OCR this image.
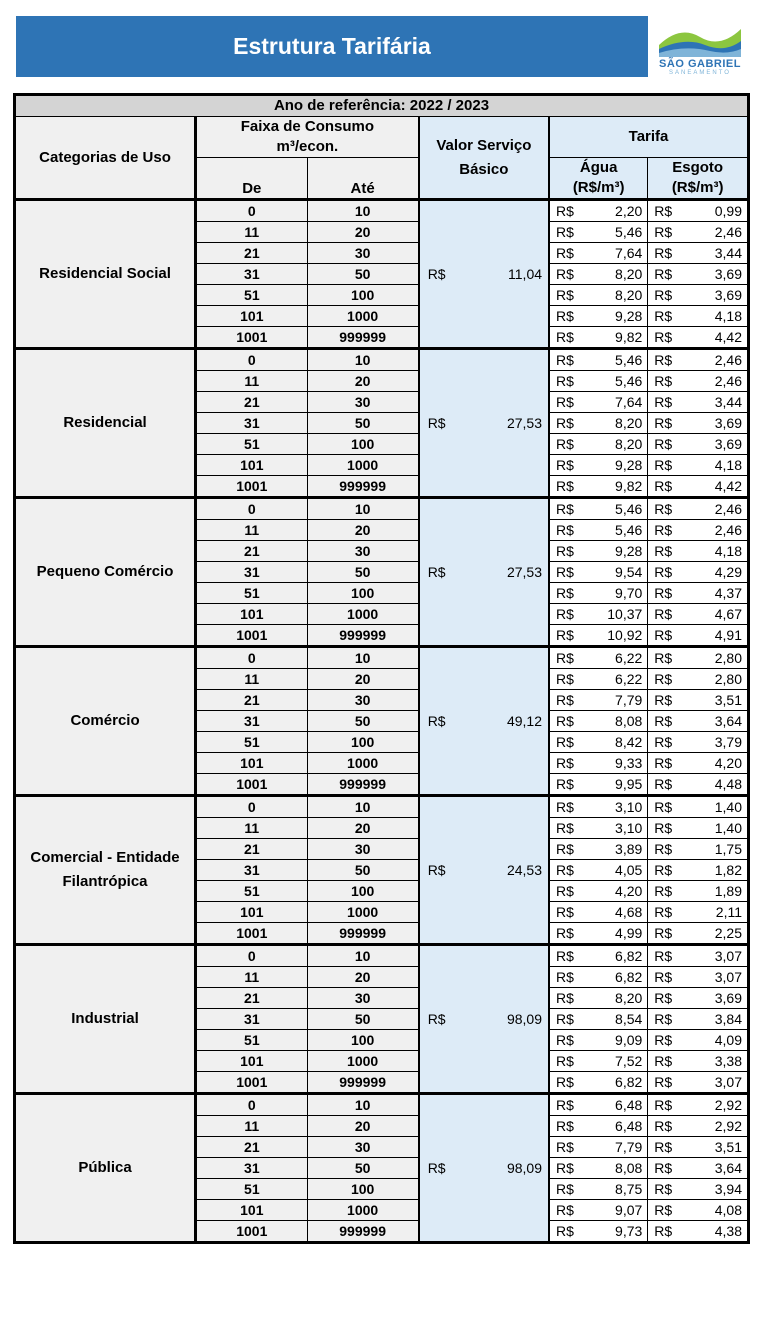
Estrutura Tarifária
SÃO GABRIEL
SANEAMENTO
Ano de referência: 2022 / 2023					
Categorias de Uso	Faixa de Consumo m³/econ.		Valor Serviço Básico	Tarifa	
	De	Até		Água (R$/m³)	Esgoto (R$/m³)
Residencial Social	0	10	R$ 11,04	R$ 2,20	R$ 0,99

	11	20		R$ 5,46	R$ 2,46

	21	30		R$ 7,64	R$ 3,44

	31	50		R$ 8,20	R$ 3,69

	51	100		R$ 8,20	R$ 3,69

	101	1000		R$ 9,28	R$ 4,18

	1001	999999		R$ 9,82	R$ 4,42

Residencial	0	10	R$ 27,53	R$ 5,46	R$ 2,46

	11	20		R$ 5,46	R$ 2,46

	21	30		R$ 7,64	R$ 3,44

	31	50		R$ 8,20	R$ 3,69

	51	100		R$ 8,20	R$ 3,69

	101	1000		R$ 9,28	R$ 4,18

	1001	999999		R$ 9,82	R$ 4,42

Pequeno Comércio	0	10	R$ 27,53	R$ 5,46	R$ 2,46

	11	20		R$ 5,46	R$ 2,46

	21	30		R$ 9,28	R$ 4,18

	31	50		R$ 9,54	R$ 4,29

	51	100		R$ 9,70	R$ 4,37

	101	1000		R$ 10,37	R$ 4,67

	1001	999999		R$ 10,92	R$ 4,91

Comércio	0	10	R$ 49,12	R$ 6,22	R$ 2,80

	11	20		R$ 6,22	R$ 2,80

	21	30		R$ 7,79	R$ 3,51

	31	50		R$ 8,08	R$ 3,64

	51	100		R$ 8,42	R$ 3,79

	101	1000		R$ 9,33	R$ 4,20

	1001	999999		R$ 9,95	R$ 4,48

Comercial - Entidade Filantrópica	0	10	R$ 24,53	R$ 3,10	R$ 1,40

	11	20		R$ 3,10	R$ 1,40

	21	30		R$ 3,89	R$ 1,75

	31	50		R$ 4,05	R$ 1,82

	51	100		R$ 4,20	R$ 1,89

	101	1000		R$ 4,68	R$ 2,11

	1001	999999		R$ 4,99	R$ 2,25

Industrial	0	10	R$ 98,09	R$ 6,82	R$ 3,07

	11	20		R$ 6,82	R$ 3,07

	21	30		R$ 8,20	R$ 3,69

	31	50		R$ 8,54	R$ 3,84

	51	100		R$ 9,09	R$ 4,09

	101	1000		R$ 7,52	R$ 3,38

	1001	999999		R$ 6,82	R$ 3,07

Pública	0	10	R$ 98,09	R$ 6,48	R$ 2,92

	11	20		R$ 6,48	R$ 2,92

	21	30		R$ 7,79	R$ 3,51

	31	50		R$ 8,08	R$ 3,64

	51	100		R$ 8,75	R$ 3,94

	101	1000		R$ 9,07	R$ 4,08

	1001	999999		R$ 9,73	R$ 4,38
